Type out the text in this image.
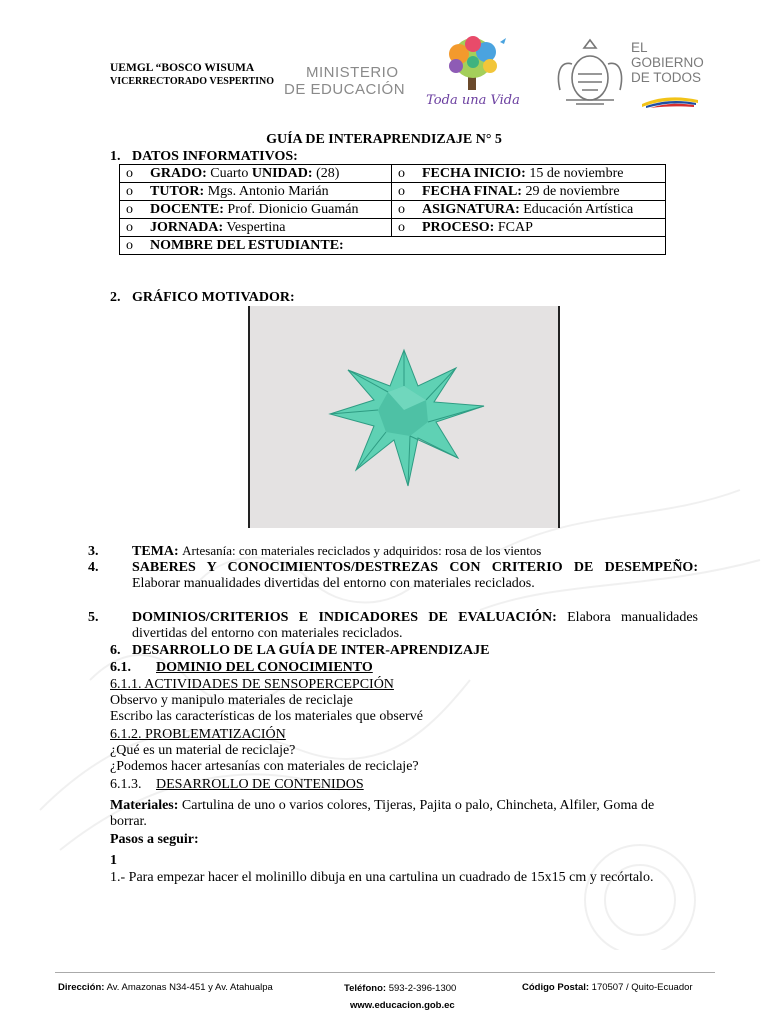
UEMGL “BOSCO WISUMA
VICERRECTORADO VESPERTINO
MINISTERIO
DE EDUCACIÓN
Toda una Vida
EL
GOBIERNO
DE TODOS
GUÍA DE INTERAPRENDIZAJE N° 5
1. DATOS INFORMATIVOS:
o GRADO: Cuarto UNIDAD: (28)	o FECHA INICIO: 15 de noviembre
o TUTOR: Mgs. Antonio Marián	o FECHA FINAL: 29 de noviembre
o DOCENTE: Prof. Dionicio Guamán	o ASIGNATURA: Educación Artística
o JORNADA: Vespertina	o PROCESO: FCAP
o NOMBRE DEL ESTUDIANTE:	
2. GRÁFICO MOTIVADOR:
3. TEMA: Artesanía: con materiales reciclados y adquiridos: rosa de los vientos
4. SABERES Y CONOCIMIENTOS/DESTREZAS CON CRITERIO DE DESEMPEÑO: Elaborar manualidades divertidas del entorno con materiales reciclados.
5. DOMINIOS/CRITERIOS E INDICADORES DE EVALUACIÓN: Elabora manualidades divertidas del entorno con materiales reciclados.
6. DESARROLLO DE LA GUÍA DE INTER-APRENDIZAJE
6.1. DOMINIO DEL CONOCIMIENTO
6.1.1. ACTIVIDADES DE SENSOPERCEPCIÓN
Observo y manipulo materiales de reciclaje
Escribo las características de los materiales que observé
6.1.2. PROBLEMATIZACIÓN
¿Qué es un material de reciclaje?
¿Podemos hacer artesanías con materiales de reciclaje?
6.1.3. DESARROLLO DE CONTENIDOS
Materiales: Cartulina de uno o varios colores, Tijeras, Pajita o palo, Chincheta, Alfiler, Goma de borrar.
Pasos a seguir:
1
1.- Para empezar hacer el molinillo dibuja en una cartulina un cuadrado de 15x15 cm y recórtalo.
Dirección: Av. Amazonas N34-451 y Av. Atahualpa	Teléfono: 593-2-396-1300	Código Postal: 170507 / Quito-Ecuador
www.educacion.gob.ec
